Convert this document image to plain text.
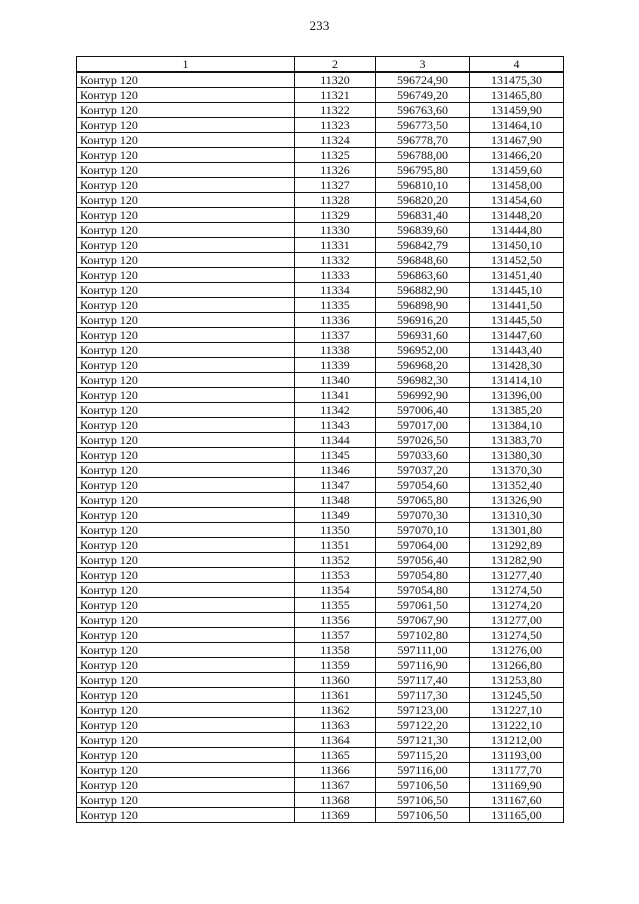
233
1	2	3	4
Контур 120	11320	596724,90	131475,30
Контур 120	11321	596749,20	131465,80
Контур 120	11322	596763,60	131459,90
Контур 120	11323	596773,50	131464,10
Контур 120	11324	596778,70	131467,90
Контур 120	11325	596788,00	131466,20
Контур 120	11326	596795,80	131459,60
Контур 120	11327	596810,10	131458,00
Контур 120	11328	596820,20	131454,60
Контур 120	11329	596831,40	131448,20
Контур 120	11330	596839,60	131444,80
Контур 120	11331	596842,79	131450,10
Контур 120	11332	596848,60	131452,50
Контур 120	11333	596863,60	131451,40
Контур 120	11334	596882,90	131445,10
Контур 120	11335	596898,90	131441,50
Контур 120	11336	596916,20	131445,50
Контур 120	11337	596931,60	131447,60
Контур 120	11338	596952,00	131443,40
Контур 120	11339	596968,20	131428,30
Контур 120	11340	596982,30	131414,10
Контур 120	11341	596992,90	131396,00
Контур 120	11342	597006,40	131385,20
Контур 120	11343	597017,00	131384,10
Контур 120	11344	597026,50	131383,70
Контур 120	11345	597033,60	131380,30
Контур 120	11346	597037,20	131370,30
Контур 120	11347	597054,60	131352,40
Контур 120	11348	597065,80	131326,90
Контур 120	11349	597070,30	131310,30
Контур 120	11350	597070,10	131301,80
Контур 120	11351	597064,00	131292,89
Контур 120	11352	597056,40	131282,90
Контур 120	11353	597054,80	131277,40
Контур 120	11354	597054,80	131274,50
Контур 120	11355	597061,50	131274,20
Контур 120	11356	597067,90	131277,00
Контур 120	11357	597102,80	131274,50
Контур 120	11358	597111,00	131276,00
Контур 120	11359	597116,90	131266,80
Контур 120	11360	597117,40	131253,80
Контур 120	11361	597117,30	131245,50
Контур 120	11362	597123,00	131227,10
Контур 120	11363	597122,20	131222,10
Контур 120	11364	597121,30	131212,00
Контур 120	11365	597115,20	131193,00
Контур 120	11366	597116,00	131177,70
Контур 120	11367	597106,50	131169,90
Контур 120	11368	597106,50	131167,60
Контур 120	11369	597106,50	131165,00
